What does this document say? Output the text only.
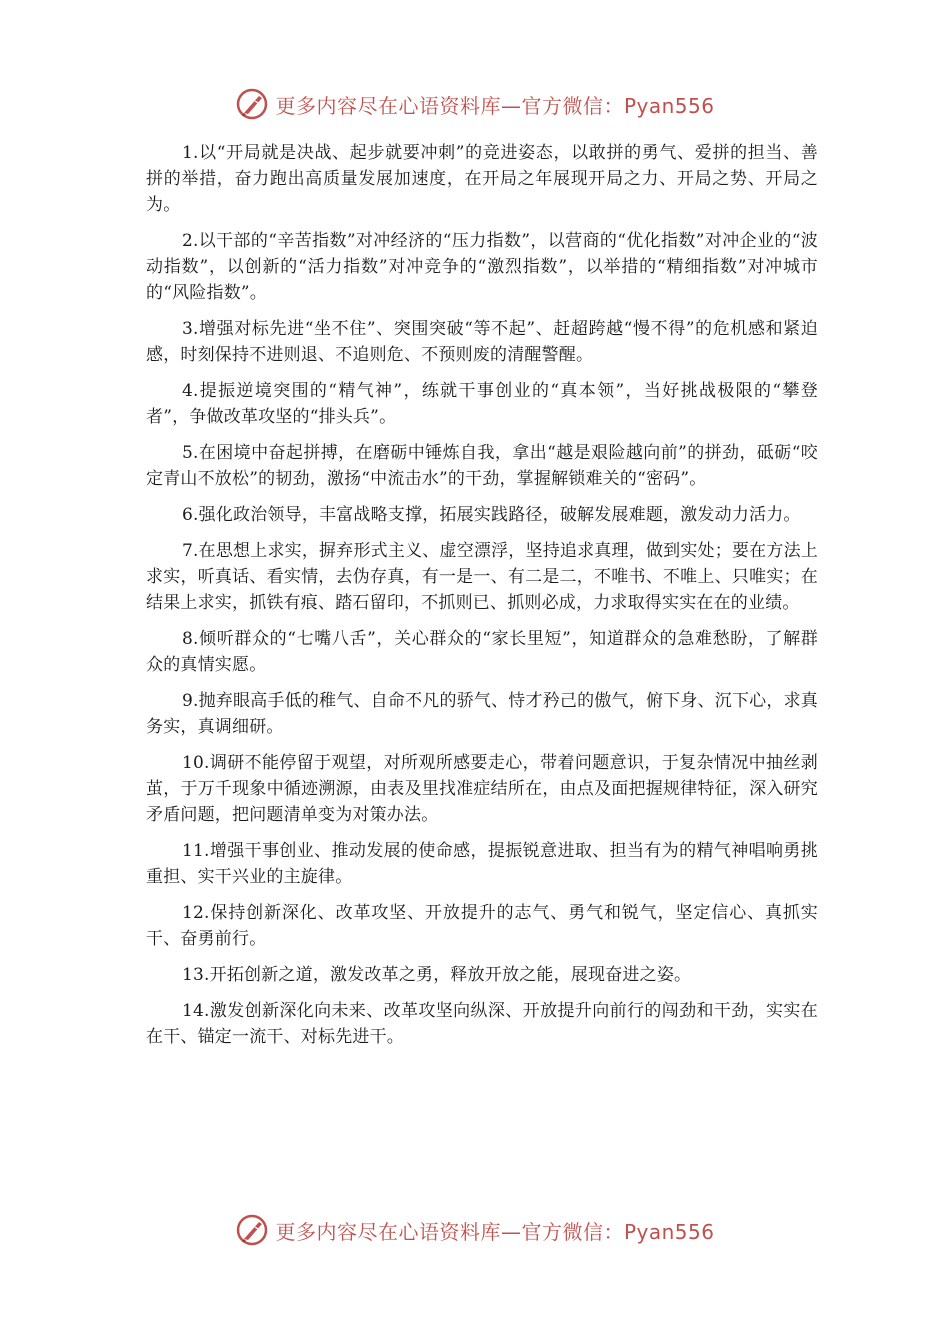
更多内容尽在心语资料库—官方微信：Pyan556

1.以“开局就是决战、起步就要冲刺”的竞进姿态，以敢拼的勇气、爱拼的担当、善拼的举措，奋力跑出高质量发展加速度，在开局之年展现开局之力、开局之势、开局之为。

2.以干部的“辛苦指数”对冲经济的“压力指数”，以营商的“优化指数”对冲企业的“波动指数”，以创新的“活力指数”对冲竞争的“激烈指数”，以举措的“精细指数”对冲城市的“风险指数”。

3.增强对标先进“坐不住”、突围突破“等不起”、赶超跨越“慢不得”的危机感和紧迫感，时刻保持不进则退、不追则危、不预则废的清醒警醒。

4.提振逆境突围的“精气神”，练就干事创业的“真本领”，当好挑战极限的“攀登者”，争做改革攻坚的“排头兵”。

5.在困境中奋起拼搏，在磨砺中锤炼自我，拿出“越是艰险越向前”的拼劲，砥砺“咬定青山不放松”的韧劲，激扬“中流击水”的干劲，掌握解锁难关的“密码”。

6.强化政治领导，丰富战略支撑，拓展实践路径，破解发展难题，激发动力活力。

7.在思想上求实，摒弃形式主义、虚空漂浮，坚持追求真理，做到实处；要在方法上求实，听真话、看实情，去伪存真，有一是一、有二是二，不唯书、不唯上、只唯实；在结果上求实，抓铁有痕、踏石留印，不抓则已、抓则必成，力求取得实实在在的业绩。

8.倾听群众的“七嘴八舌”，关心群众的“家长里短”，知道群众的急难愁盼，了解群众的真情实愿。

9.抛弃眼高手低的稚气、自命不凡的骄气、恃才矜己的傲气，俯下身、沉下心，求真务实，真调细研。

10.调研不能停留于观望，对所观所感要走心，带着问题意识，于复杂情况中抽丝剥茧，于万千现象中循迹溯源，由表及里找准症结所在，由点及面把握规律特征，深入研究矛盾问题，把问题清单变为对策办法。

11.增强干事创业、推动发展的使命感，提振锐意进取、担当有为的精气神唱响勇挑重担、实干兴业的主旋律。

12.保持创新深化、改革攻坚、开放提升的志气、勇气和锐气，坚定信心、真抓实干、奋勇前行。

13.开拓创新之道，激发改革之勇，释放开放之能，展现奋进之姿。

14.激发创新深化向未来、改革攻坚向纵深、开放提升向前行的闯劲和干劲，实实在在干、锚定一流干、对标先进干。

更多内容尽在心语资料库—官方微信：Pyan556
